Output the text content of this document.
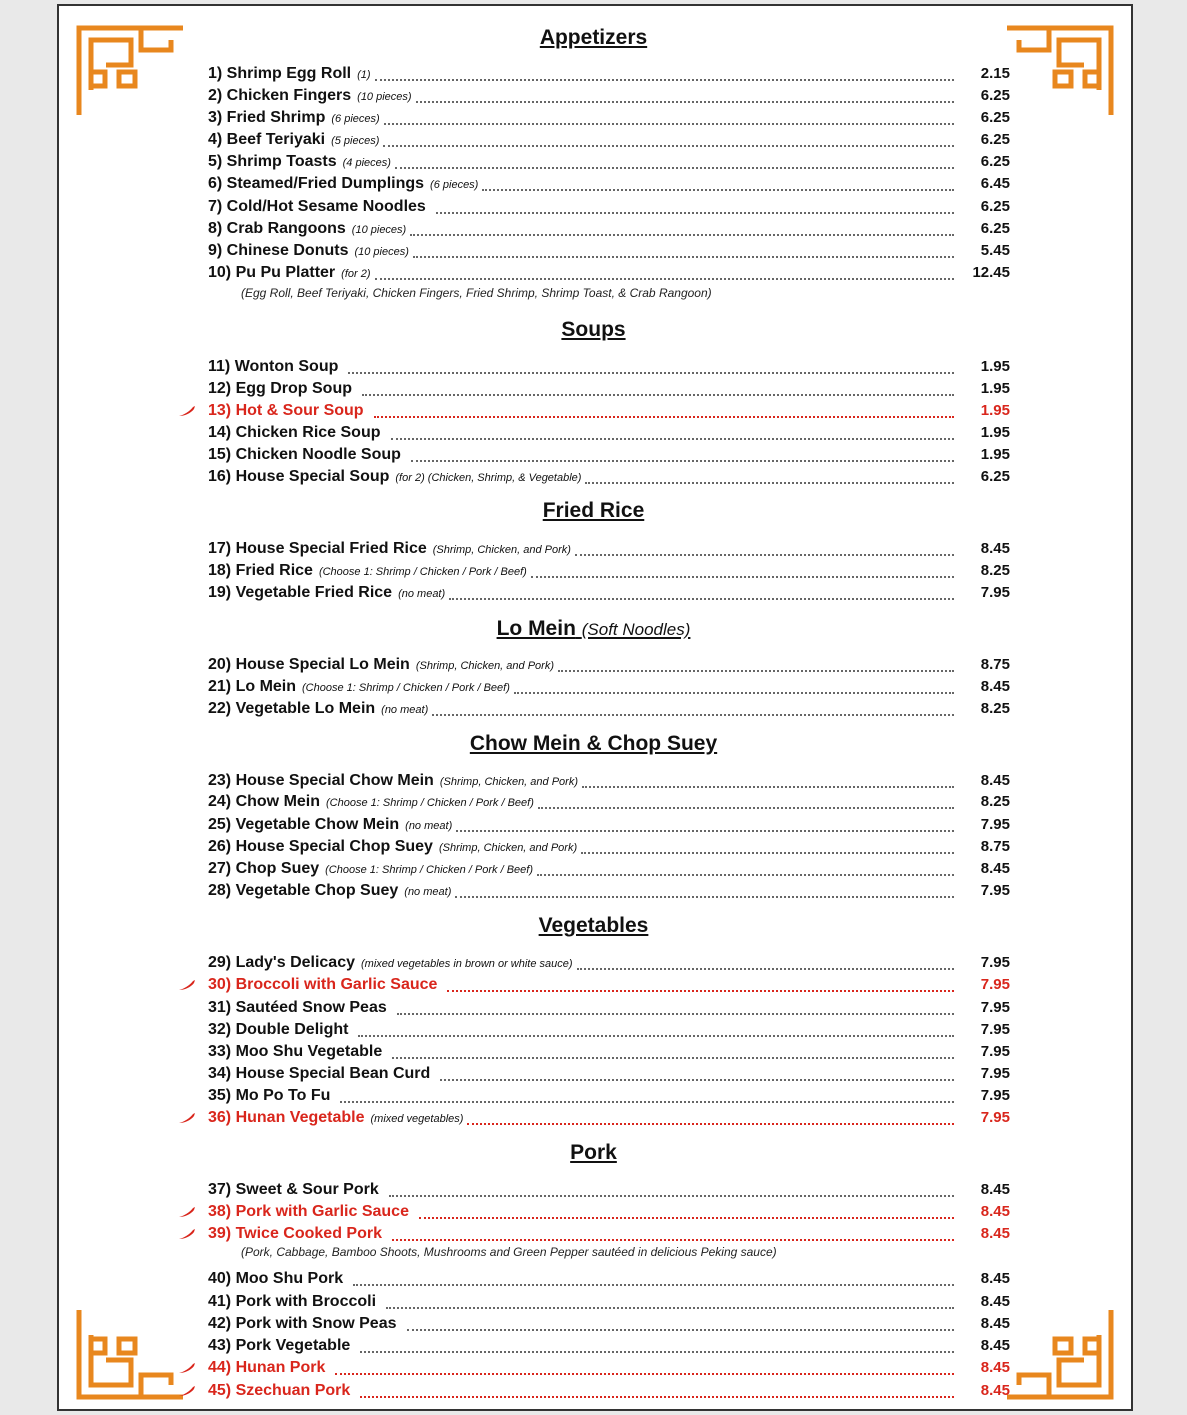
Appetizers
Soups
Fried Rice
Lo Mein (Soft Noodles)
Chow Mein & Chop Suey
Vegetables
Pork
1) Shrimp Egg Roll (1)	2.15
2) Chicken Fingers (10 pieces)	6.25
3) Fried Shrimp (6 pieces)	6.25
4) Beef Teriyaki (5 pieces)	6.25
5) Shrimp Toasts (4 pieces)	6.25
6) Steamed/Fried Dumplings (6 pieces)	6.45
7) Cold/Hot Sesame Noodles	6.25
8) Crab Rangoons (10 pieces)	6.25
9) Chinese Donuts (10 pieces)	5.45
10) Pu Pu Platter (for 2)	12.45
11) Wonton Soup	1.95
12) Egg Drop Soup	1.95
13) Hot & Sour Soup	1.95
14) Chicken Rice Soup	1.95
15) Chicken Noodle Soup	1.95
16) House Special Soup (for 2) (Chicken, Shrimp, & Vegetable)	6.25
17) House Special Fried Rice (Shrimp, Chicken, and Pork)	8.45
18) Fried Rice (Choose 1: Shrimp / Chicken / Pork / Beef)	8.25
19) Vegetable Fried Rice (no meat)	7.95
20) House Special Lo Mein (Shrimp, Chicken, and Pork)	8.75
21) Lo Mein (Choose 1: Shrimp / Chicken / Pork / Beef)	8.45
22) Vegetable Lo Mein (no meat)	8.25
23) House Special Chow Mein (Shrimp, Chicken, and Pork)	8.45
24) Chow Mein (Choose 1: Shrimp / Chicken / Pork / Beef)	8.25
25) Vegetable Chow Mein (no meat)	7.95
26) House Special Chop Suey (Shrimp, Chicken, and Pork)	8.75
27) Chop Suey (Choose 1: Shrimp / Chicken / Pork / Beef)	8.45
28) Vegetable Chop Suey (no meat)	7.95
29) Lady's Delicacy (mixed vegetables in brown or white sauce)	7.95
30) Broccoli with Garlic Sauce	7.95
31) Sautéed Snow Peas	7.95
32) Double Delight	7.95
33) Moo Shu Vegetable	7.95
34) House Special Bean Curd	7.95
35) Mo Po To Fu	7.95
36) Hunan Vegetable (mixed vegetables)	7.95
37) Sweet & Sour Pork	8.45
38) Pork with Garlic Sauce	8.45
39) Twice Cooked Pork	8.45
40) Moo Shu Pork	8.45
41) Pork with Broccoli	8.45
42) Pork with Snow Peas	8.45
43) Pork Vegetable	8.45
44) Hunan Pork	8.45
45) Szechuan Pork	8.45
(Egg Roll, Beef Teriyaki, Chicken Fingers, Fried Shrimp, Shrimp Toast, & Crab Rangoon)
(Pork, Cabbage, Bamboo Shoots, Mushrooms and Green Pepper sautéed in delicious Peking sauce)
